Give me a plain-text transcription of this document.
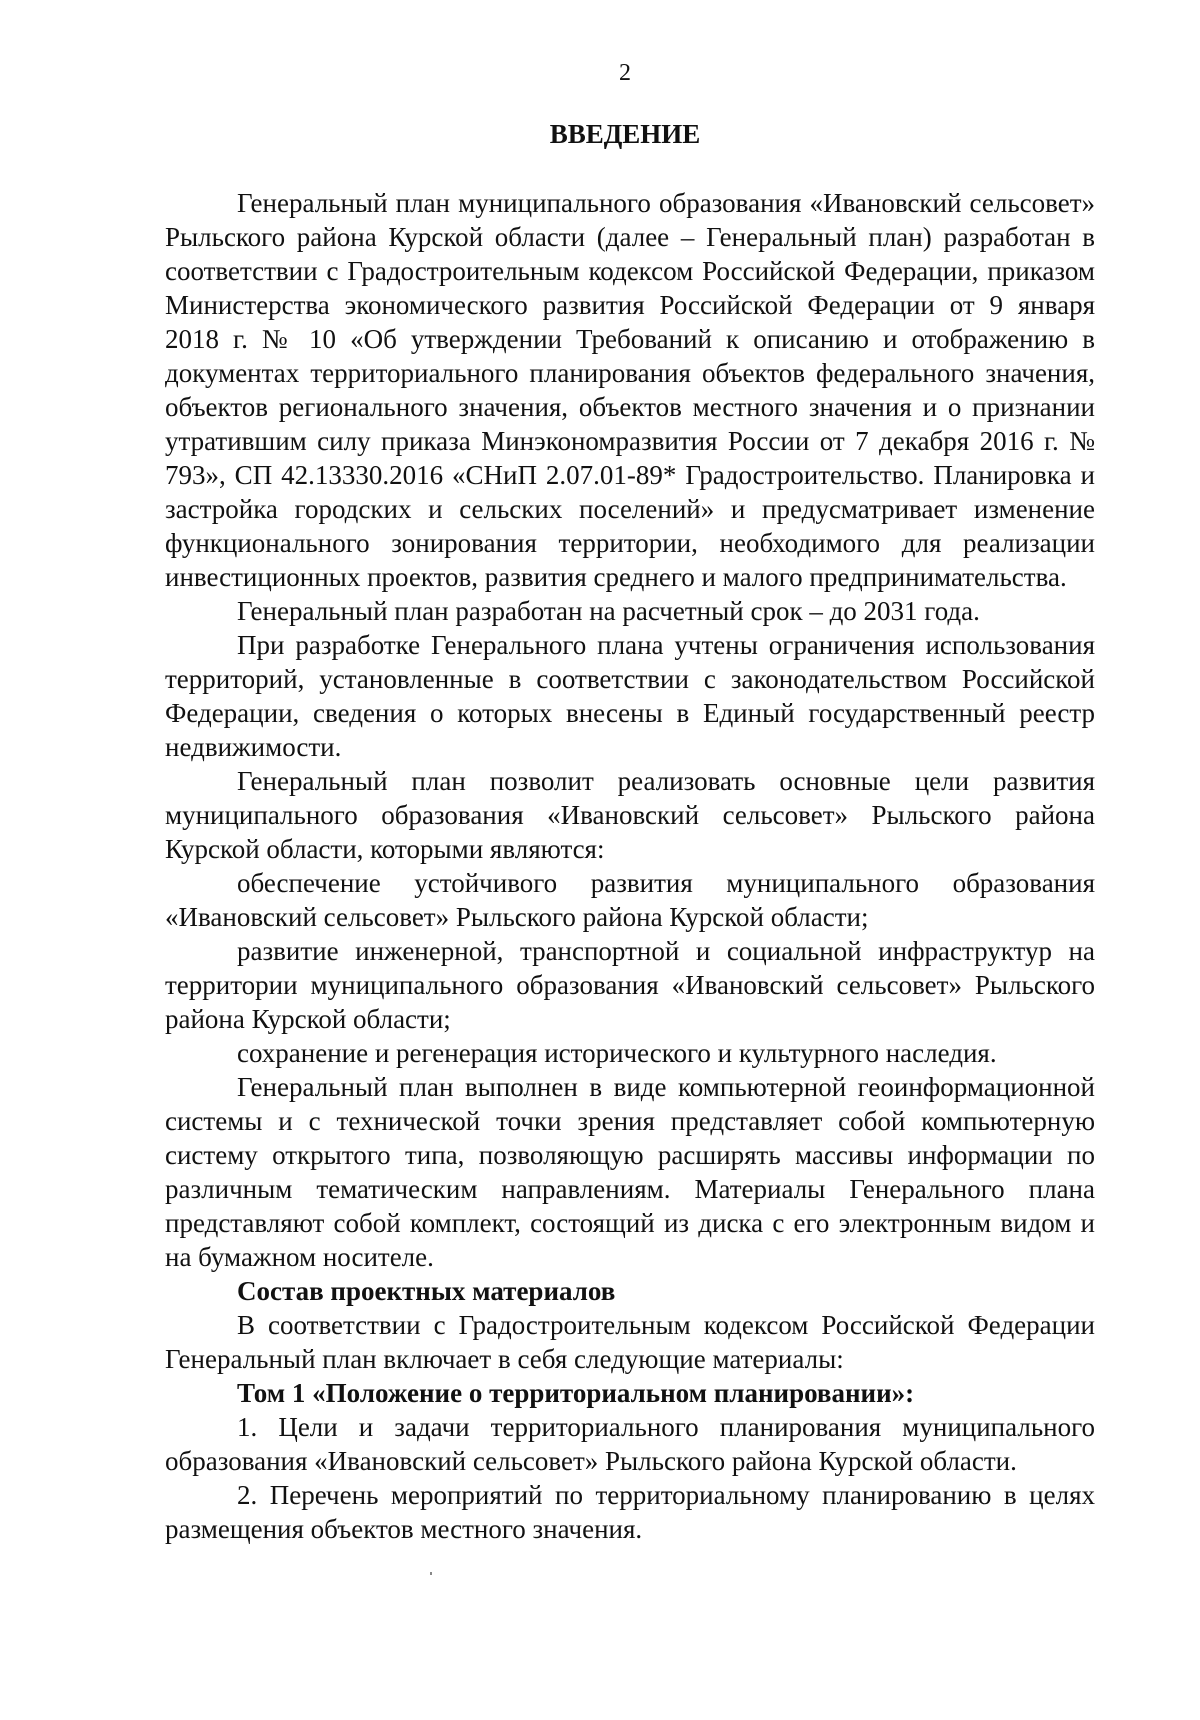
2
ВВЕДЕНИЕ

Генеральный план муниципального образования «Ивановский сельсовет» Рыльского района Курской области (далее – Генеральный план) разработан в соответствии с Градостроительным кодексом Российской Федерации, приказом Министерства экономического развития Российской Федерации от 9 января 2018 г. № 10 «Об утверждении Требований к описанию и отображению в документах территориального планирования объектов федерального значения, объектов регионального значения, объектов местного значения и о признании утратившим силу приказа Минэкономразвития России от 7 декабря 2016 г. № 793», СП 42.13330.2016 «СНиП 2.07.01-89* Градостроительство. Планировка и застройка городских и сельских поселений» и предусматривает изменение функционального зонирования территории, необходимого для реализации инвестиционных проектов, развития среднего и малого предпринимательства.

Генеральный план разработан на расчетный срок – до 2031 года.

При разработке Генерального плана учтены ограничения использования территорий, установленные в соответствии с законодательством Российской Федерации, сведения о которых внесены в Единый государственный реестр недвижимости.

Генеральный план позволит реализовать основные цели развития муниципального образования «Ивановский сельсовет» Рыльского района Курской области, которыми являются:

обеспечение устойчивого развития муниципального образования «Ивановский сельсовет» Рыльского района Курской области;

развитие инженерной, транспортной и социальной инфраструктур на территории муниципального образования «Ивановский сельсовет» Рыльского района Курской области;

сохранение и регенерация исторического и культурного наследия.

Генеральный план выполнен в виде компьютерной геоинформационной системы и с технической точки зрения представляет собой компьютерную систему открытого типа, позволяющую расширять массивы информации по различным тематическим направлениям. Материалы Генерального плана представляют собой комплект, состоящий из диска с его электронным видом и на бумажном носителе.

Состав проектных материалов

В соответствии с Градостроительным кодексом Российской Федерации Генеральный план включает в себя следующие материалы:

Том 1 «Положение о территориальном планировании»:

1. Цели и задачи территориального планирования муниципального образования «Ивановский сельсовет» Рыльского района Курской области.

2. Перечень мероприятий по территориальному планированию в целях размещения объектов местного значения.
